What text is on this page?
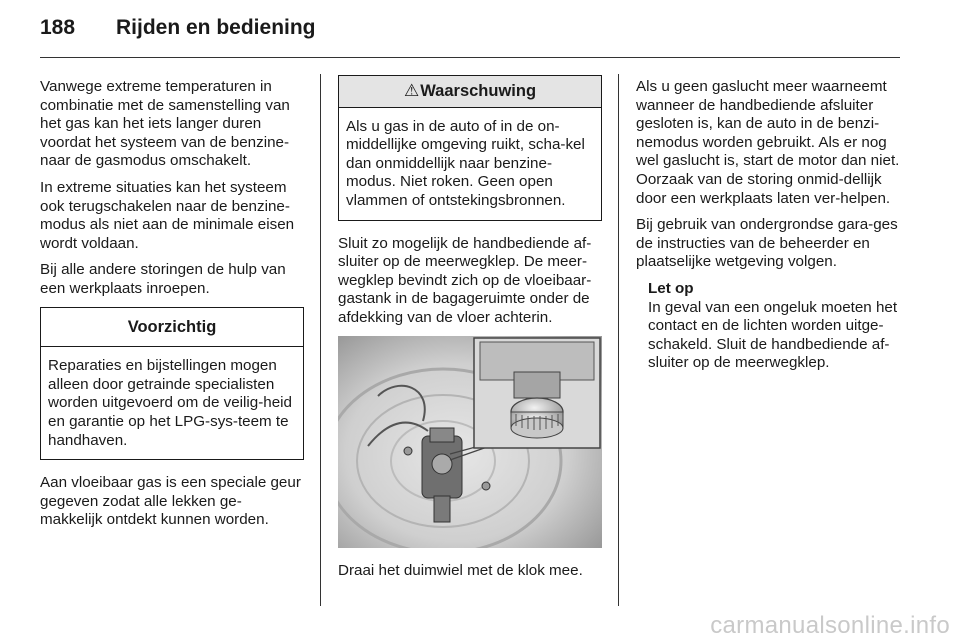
188 Rijden en bediening

Vanwege extreme temperaturen in combinatie met de samenstelling van het gas kan het iets langer duren voordat het systeem van de benzine-naar de gasmodus omschakelt.

In extreme situaties kan het systeem ook terugschakelen naar de benzine-modus als niet aan de minimale eisen wordt voldaan.

Bij alle andere storingen de hulp van een werkplaats inroepen.

Voorzichtig
Reparaties en bijstellingen mogen alleen door getrainde specialisten worden uitgevoerd om de veilig-heid en garantie op het LPG-sys-teem te handhaven.

Aan vloeibaar gas is een speciale geur gegeven zodat alle lekken ge-makkelijk ontdekt kunnen worden.

⚠Waarschuwing
Als u gas in de auto of in de on-middellijke omgeving ruikt, scha-kel dan onmiddellijk naar benzine-modus. Niet roken. Geen open vlammen of ontstekingsbronnen.

Sluit zo mogelijk de handbediende af-sluiter op de meerwegklep. De meer-wegklep bevindt zich op de vloeibaar-gastank in de bagageruimte onder de afdekking van de vloer achterin.

Draai het duimwiel met de klok mee.

Als u geen gaslucht meer waarneemt wanneer de handbediende afsluiter gesloten is, kan de auto in de benzi-nemodus worden gebruikt. Als er nog wel gaslucht is, start de motor dan niet. Oorzaak van de storing onmid-dellijk door een werkplaats laten ver-helpen.

Bij gebruik van ondergrondse gara-ges de instructies van de beheerder en plaatselijke wetgeving volgen.

Let op
In geval van een ongeluk moeten het contact en de lichten worden uitge-schakeld. Sluit de handbediende af-sluiter op de meerwegklep.
carmanualsonline.info
